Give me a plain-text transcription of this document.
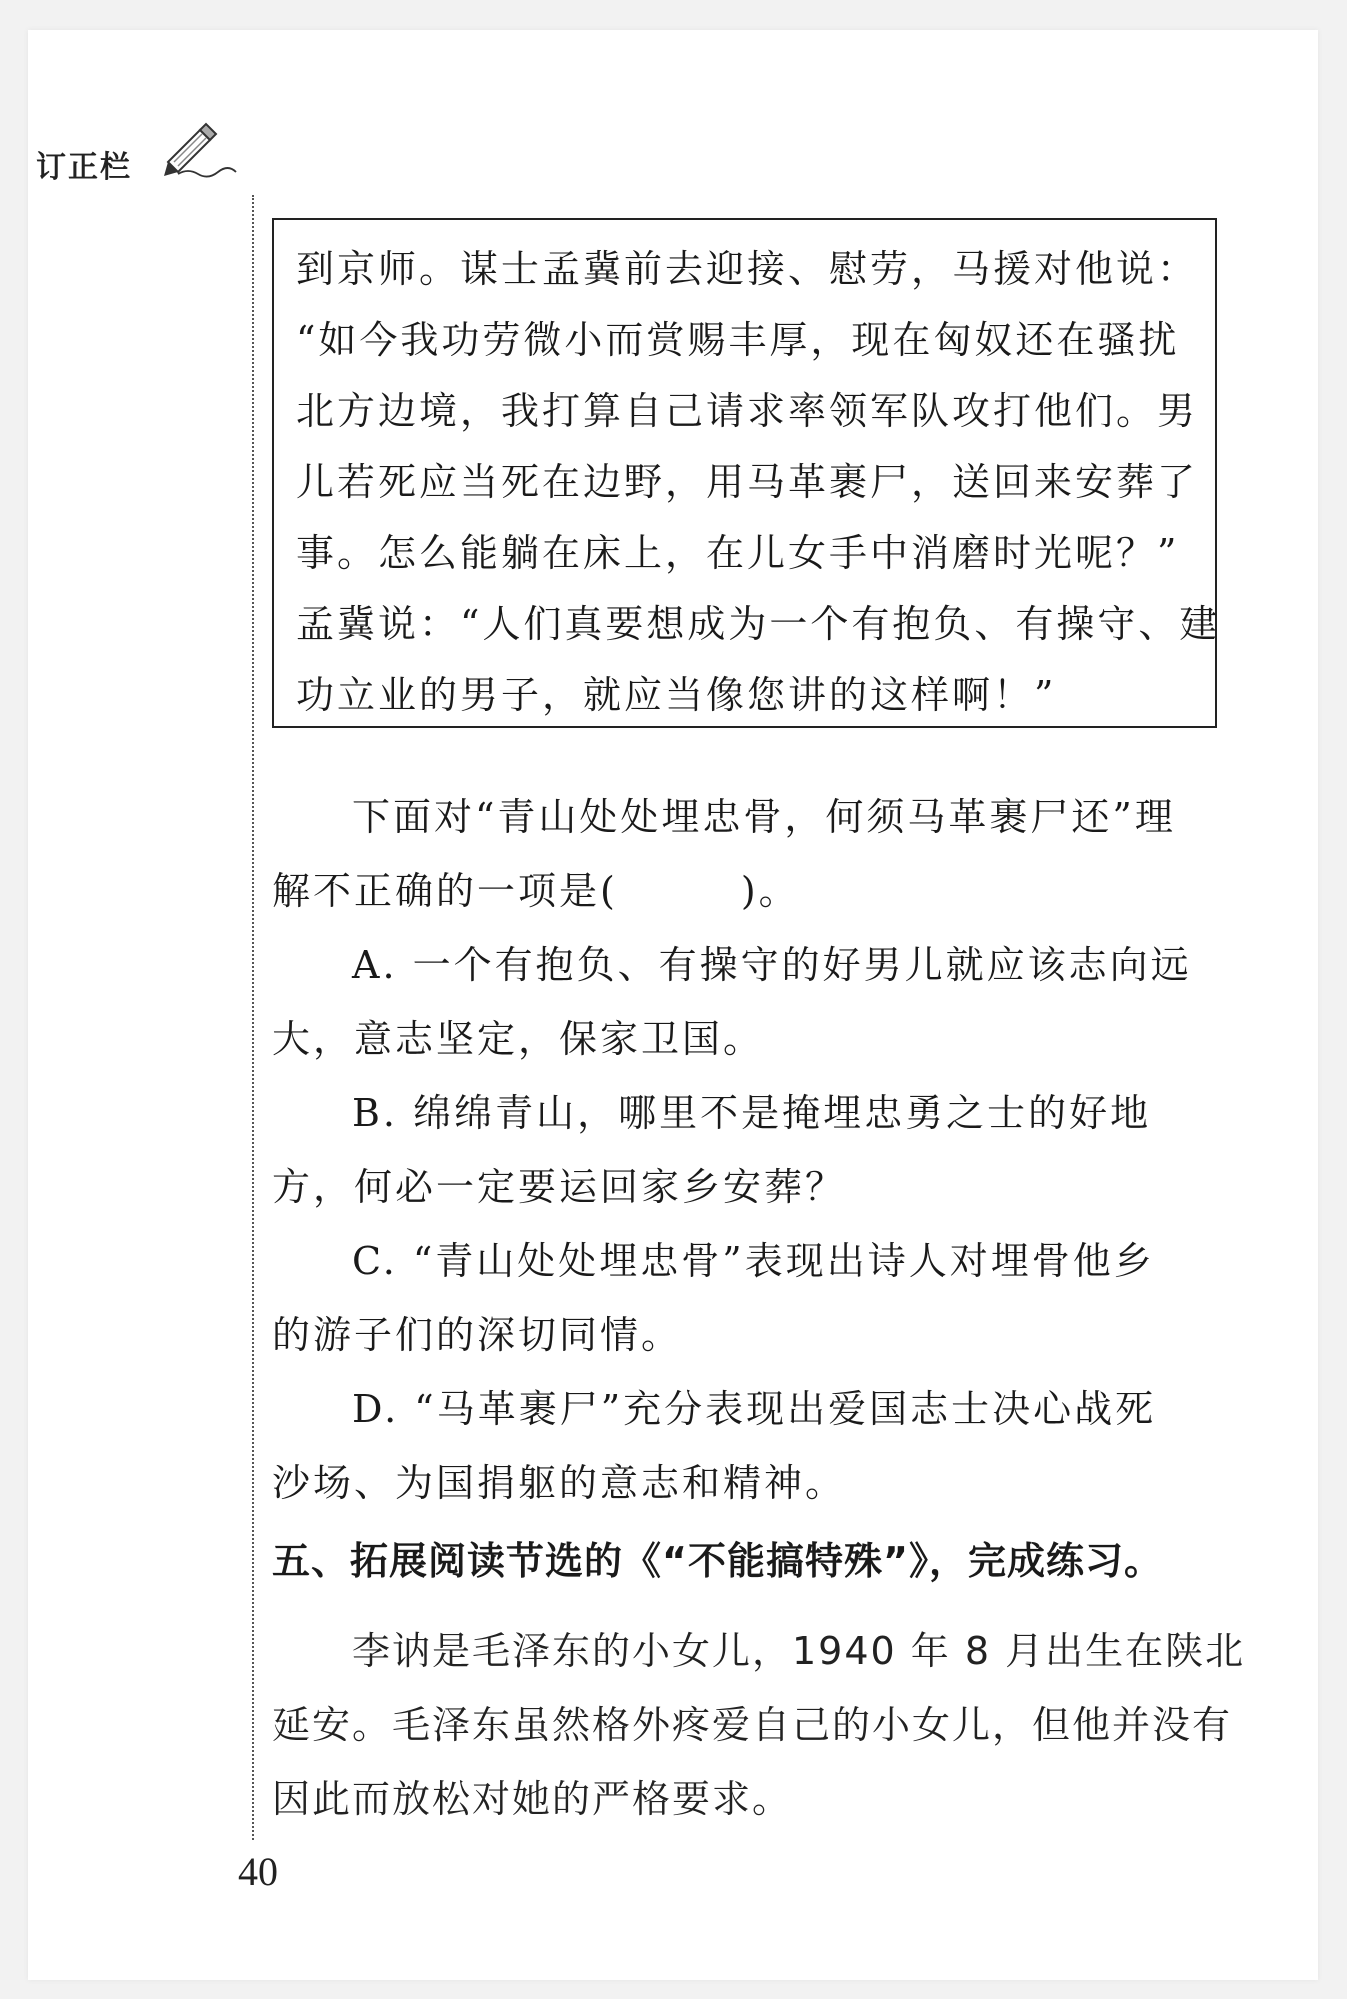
订正栏

到京师。谋士孟冀前去迎接、慰劳，马援对他说：

“如今我功劳微小而赏赐丰厚，现在匈奴还在骚扰

北方边境，我打算自己请求率领军队攻打他们。男

儿若死应当死在边野，用马革裹尸，送回来安葬了

事。怎么能躺在床上，在儿女手中消磨时光呢？”

孟冀说：“人们真要想成为一个有抱负、有操守、建

功立业的男子，就应当像您讲的这样啊！”

下面对“青山处处埋忠骨，何须马革裹尸还”理

解不正确的一项是(　　　)。

A. 一个有抱负、有操守的好男儿就应该志向远

大，意志坚定，保家卫国。

B. 绵绵青山，哪里不是掩埋忠勇之士的好地

方，何必一定要运回家乡安葬？

C. “青山处处埋忠骨”表现出诗人对埋骨他乡

的游子们的深切同情。

D. “马革裹尸”充分表现出爱国志士决心战死

沙场、为国捐躯的意志和精神。

五、拓展阅读节选的《“不能搞特殊”》，完成练习。

李讷是毛泽东的小女儿，1940 年 8 月出生在陕北

延安。毛泽东虽然格外疼爱自己的小女儿，但他并没有

因此而放松对她的严格要求。

40
